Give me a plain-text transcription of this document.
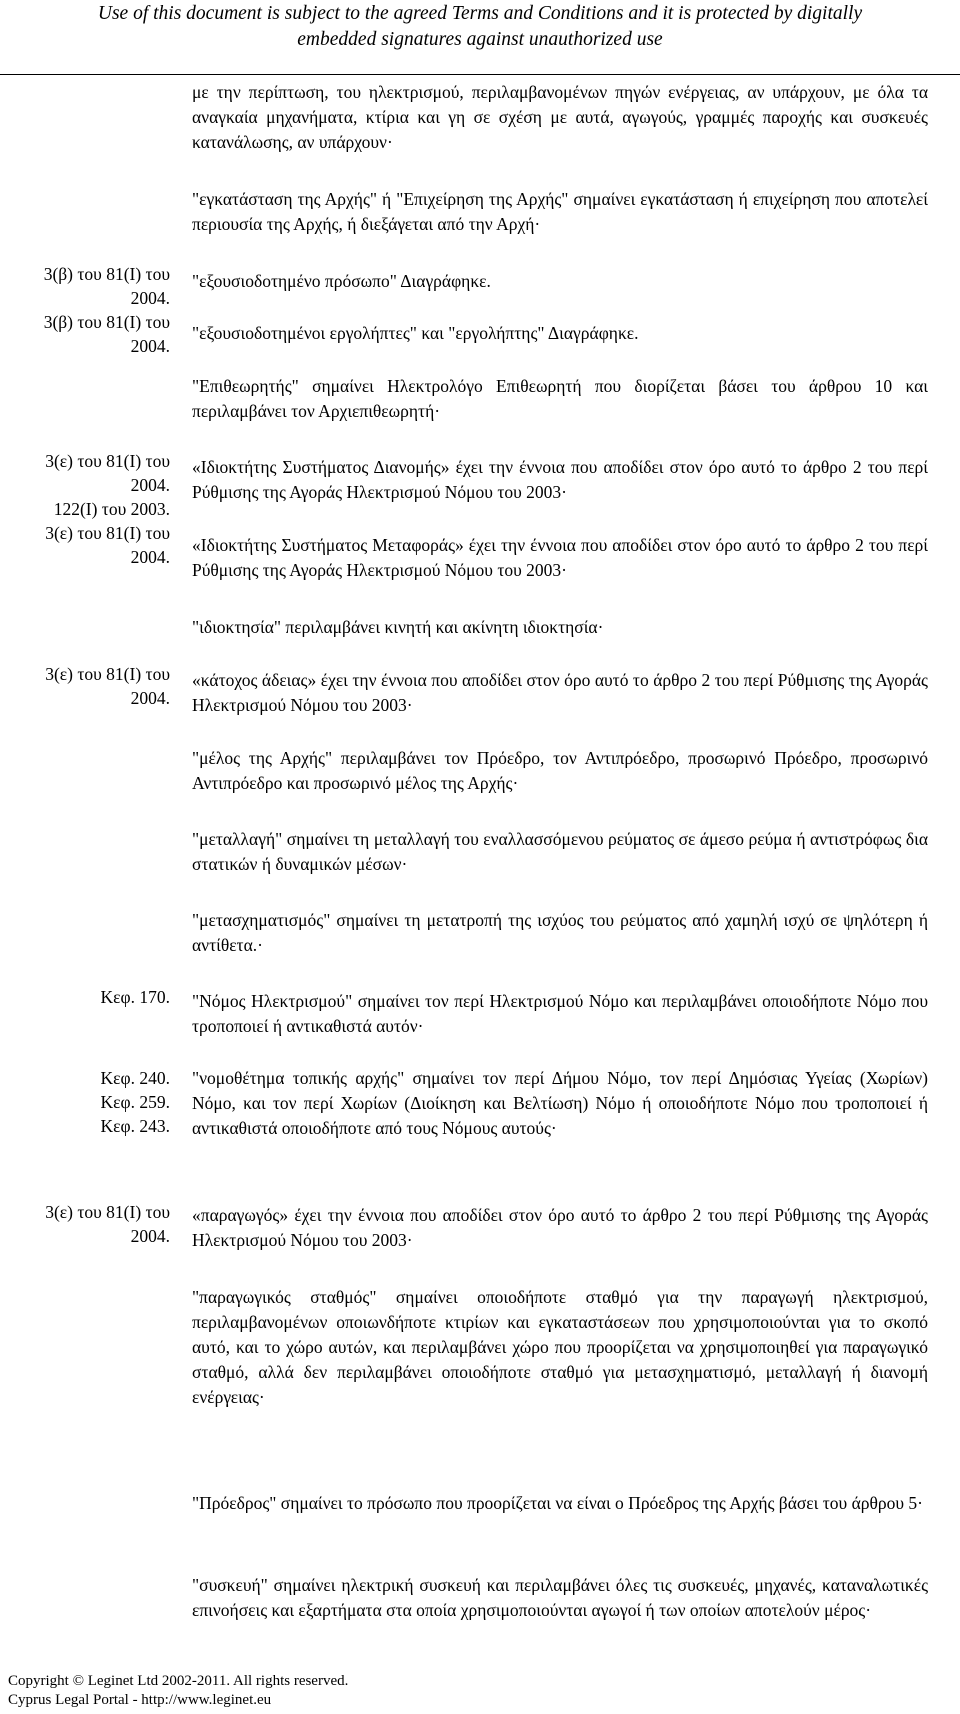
Use of this document is subject to the agreed Terms and Conditions and it is protected by digitally
embedded signatures against unauthorized use
3(β) του 81(Ι) του
2004.
3(β) του 81(Ι) του
2004.
3(ε) του 81(Ι) του
2004.
122(Ι) του 2003.
3(ε) του 81(Ι) του
2004.
3(ε) του 81(Ι) του
2004.
Κεφ. 170.
Κεφ. 240.
Κεφ. 259.
Κεφ. 243.
3(ε) του 81(Ι) του
2004.
με την περίπτωση, του ηλεκτρισμού, περιλαμβανομένων πηγών ενέργειας, αν υπάρχουν, με όλα τα αναγκαία μηχανήματα, κτίρια και γη σε σχέση με αυτά, αγωγούς, γραμμές παροχής και συσκευές κατανάλωσης, αν υπάρχουν·
"εγκατάσταση της Αρχής" ή "Επιχείρηση της Αρχής" σημαίνει εγκατάσταση ή επιχείρηση που αποτελεί περιουσία της Αρχής, ή διεξάγεται από την Αρχή·
"εξουσιοδοτημένο πρόσωπο" Διαγράφηκε.
"εξουσιοδοτημένοι εργολήπτες" και "εργολήπτης" Διαγράφηκε.
"Επιθεωρητής" σημαίνει Ηλεκτρολόγο Επιθεωρητή που διορίζεται βάσει του άρθρου 10 και περιλαμβάνει τον Αρχιεπιθεωρητή·
«Ιδιοκτήτης Συστήματος Διανομής» έχει την έννοια που αποδίδει στον όρο αυτό το άρθρο 2 του περί Ρύθμισης της Αγοράς Ηλεκτρισμού Νόμου του 2003·
«Ιδιοκτήτης Συστήματος Μεταφοράς» έχει την έννοια που αποδίδει στον όρο αυτό το άρθρο 2 του περί Ρύθμισης της Αγοράς Ηλεκτρισμού Νόμου του 2003·
"ιδιοκτησία" περιλαμβάνει κινητή και ακίνητη ιδιοκτησία·
«κάτοχος άδειας» έχει την έννοια που αποδίδει στον όρο αυτό το άρθρο 2 του περί Ρύθμισης της Αγοράς Ηλεκτρισμού Νόμου του 2003·
"μέλος της Αρχής" περιλαμβάνει τον Πρόεδρο, τον Αντιπρόεδρο, προσωρινό Πρόεδρο, προσωρινό Αντιπρόεδρο και προσωρινό μέλος της Αρχής·
"μεταλλαγή" σημαίνει τη μεταλλαγή του εναλλασσόμενου ρεύματος σε άμεσο ρεύμα ή αντιστρόφως δια στατικών ή δυναμικών μέσων·
"μετασχηματισμός" σημαίνει τη μετατροπή της ισχύος του ρεύματος από χαμηλή ισχύ σε ψηλότερη ή αντίθετα.·
"Νόμος Ηλεκτρισμού" σημαίνει τον περί Ηλεκτρισμού Νόμο και περιλαμβάνει οποιοδήποτε Νόμο που τροποποιεί ή αντικαθιστά αυτόν·
"νομοθέτημα τοπικής αρχής" σημαίνει τον περί Δήμου Νόμο, τον περί Δημόσιας Υγείας (Χωρίων) Νόμο, και τον περί Χωρίων (Διοίκηση και Βελτίωση) Νόμο ή οποιοδήποτε Νόμο που τροποποιεί ή αντικαθιστά οποιοδήποτε από τους Νόμους αυτούς·
«παραγωγός» έχει την έννοια που αποδίδει στον όρο αυτό το άρθρο 2 του περί Ρύθμισης της Αγοράς Ηλεκτρισμού Νόμου του 2003·
"παραγωγικός σταθμός" σημαίνει οποιοδήποτε σταθμό για την παραγωγή ηλεκτρισμού, περιλαμβανομένων οποιωνδήποτε κτιρίων και εγκαταστάσεων που χρησιμοποιούνται για το σκοπό αυτό, και το χώρο αυτών, και περιλαμβάνει χώρο που προορίζεται να χρησιμοποιηθεί για παραγωγικό σταθμό, αλλά δεν περιλαμβάνει οποιοδήποτε σταθμό για μετασχηματισμό, μεταλλαγή ή διανομή ενέργειας·
"Πρόεδρος" σημαίνει το πρόσωπο που προορίζεται να είναι ο Πρόεδρος της Αρχής βάσει του άρθρου 5·
"συσκευή" σημαίνει ηλεκτρική συσκευή και περιλαμβάνει όλες τις συσκευές, μηχανές, καταναλωτικές επινοήσεις και εξαρτήματα στα οποία χρησιμοποιούνται αγωγοί ή των οποίων αποτελούν μέρος·
Copyright © Leginet Ltd 2002-2011. All rights reserved.
Cyprus Legal Portal - http://www.leginet.eu
